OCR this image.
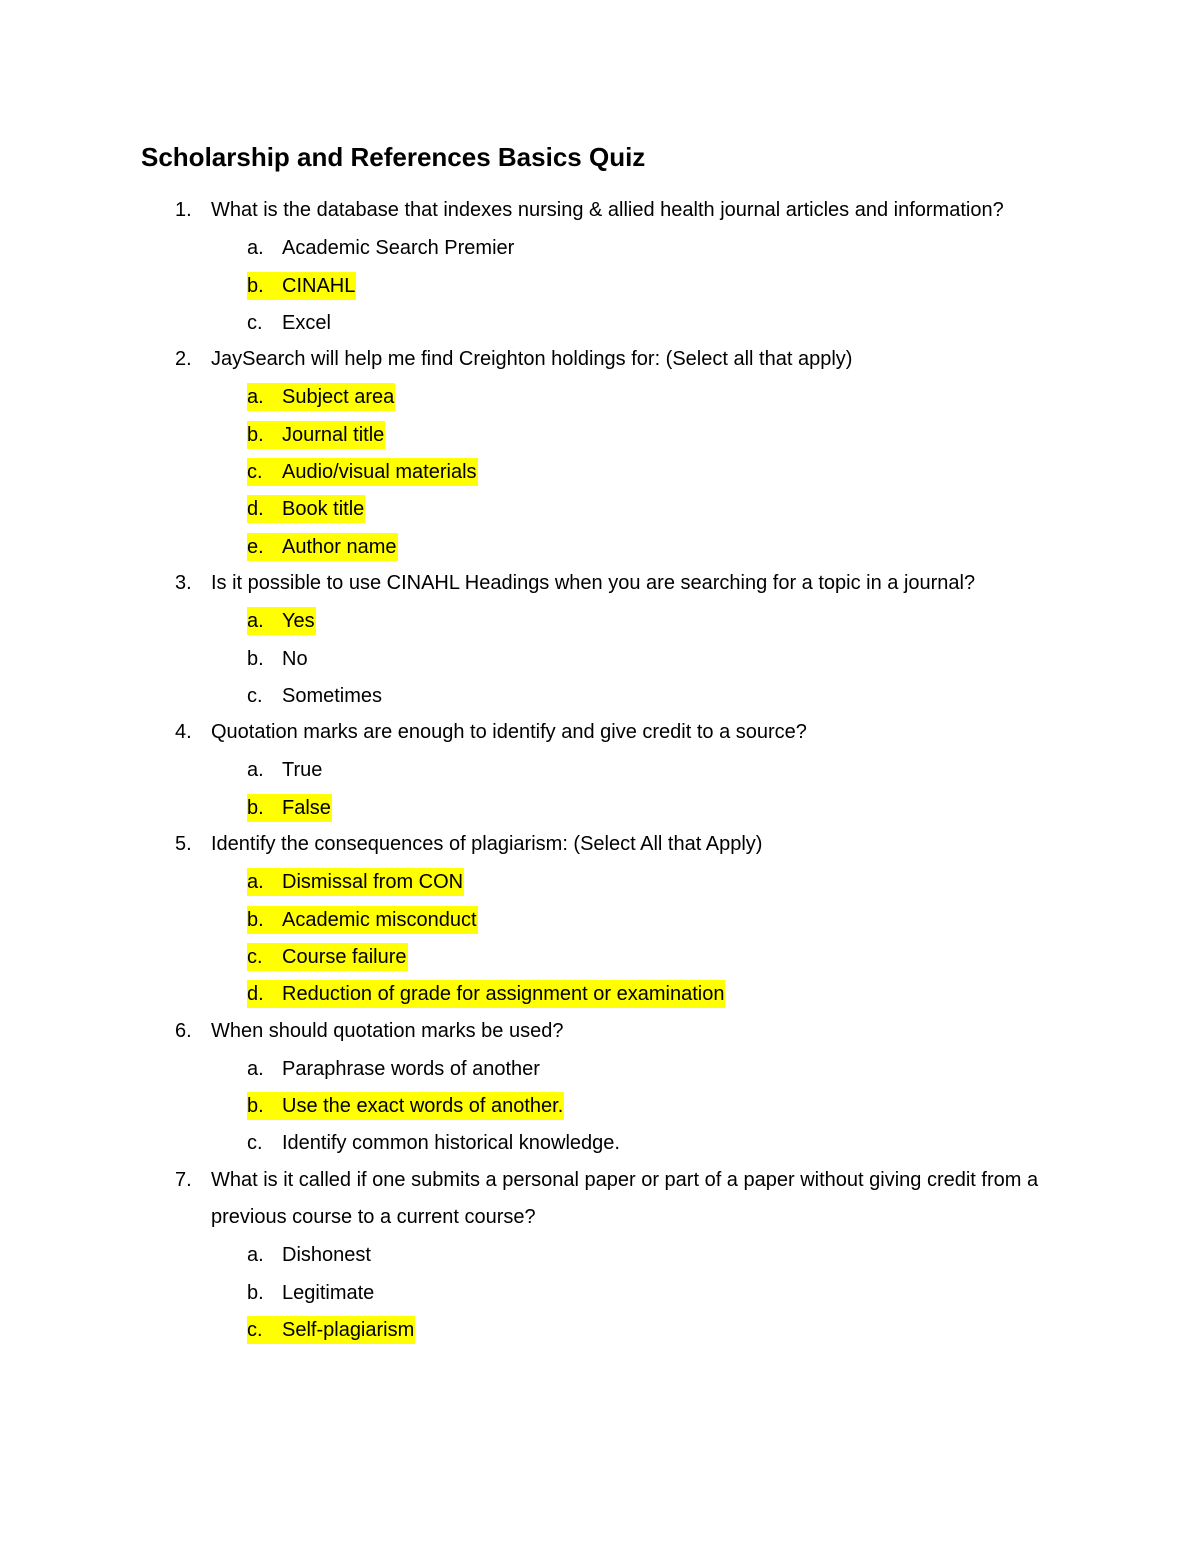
Scholarship and References Basics Quiz
1. What is the database that indexes nursing & allied health journal articles and information?
a. Academic Search Premier
b. CINAHL
c. Excel
2. JaySearch will help me find Creighton holdings for: (Select all that apply)
a. Subject area
b. Journal title
c. Audio/visual materials
d. Book title
e. Author name
3. Is it possible to use CINAHL Headings when you are searching for a topic in a journal?
a. Yes
b. No
c. Sometimes
4. Quotation marks are enough to identify and give credit to a source?
a. True
b. False
5. Identify the consequences of plagiarism: (Select All that Apply)
a. Dismissal from CON
b. Academic misconduct
c. Course failure
d. Reduction of grade for assignment or examination
6. When should quotation marks be used?
a. Paraphrase words of another
b. Use the exact words of another.
c. Identify common historical knowledge.
7. What is it called if one submits a personal paper or part of a paper without giving credit from a previous course to a current course?
a. Dishonest
b. Legitimate
c. Self-plagiarism
